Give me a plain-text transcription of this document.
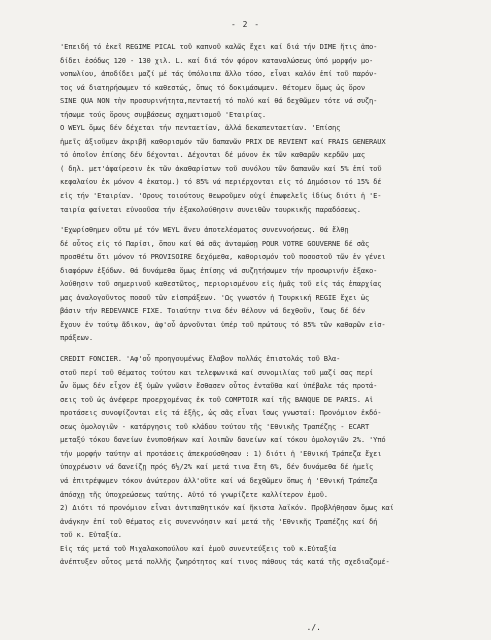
- 2 -
'Επειδή τό ἐκεῖ REGIME PICAL τοῦ καπνοῦ καλῶς ἔχει καί διά τήν DIME ἥτις ἀπο-
δίδει ἐσόδως 120 - 130 χιλ. L. καί διά τόν φόρον καταναλώσεως ὑπό μορφήν μο-
νοπωλίου, ἀποδίδει μαζί μέ τάς ὑπόλοιπα ἄλλο τόσο, εἶναι καλόν ἐπί τοῦ παρόν-
τος νά διατηρήσωμεν τό καθεστώς, ὅπως τό δοκιμάσωμεν. Θέτομεν ὅμως ὡς ὅρον
SINE QUA NON τὴν προσυρινήτητα,πενταετή τό πολύ καί θά δεχθῶμεν τότε νά συζη-
τήσωμε τούς ὅρους συμβάσεως σχηματισμοῦ 'Εταιρίας.
Ο WEYL ὅμως δέν δέχεται τήν πενταετίαν, ἀλλά δεκαπενταετίαν. 'Επίσης
ἡμεῖς ἀξιοῦμεν ἀκριβῆ καθορισμόν τῶν δαπανῶν PRIX DE REVIENT καί FRAIS GENERAUX
τό ὁποῖον ἐπίσης δέν δέχονται. Δέχονται δέ μόνον ἐκ τῶν καθαρῶν κερδῶν μας
( δηλ. μετ'ἀφαίρεσιν ἐκ τῶν ἀκαθαρίστων τοῦ συνόλου τῶν δαπανῶν καί 5% ἐπί τοῦ
κεφαλαίου ἐκ μόνον 4 ἑκατομ.) τό 85% νά περιέρχονται εἰς τό Δημόσιον τό 15% δέ
εἰς τήν 'Εταιρίαν. 'Ορους τοιούτους θεωροῦμεν οὐχί ἐπωφελεῖς ἰδίως διότι ἡ 'Ε-
ταιρία φαίνεται εὐνοοῦσα τήν ἐξακολούθησιν συνειθῶν τουρκικῆς παραδόσεως.
'Εχωρίσθημεν οὕτω μέ τόν WEYL ἄνευ ἀποτελέσματος συνεννοήσεως. Θά ἔλθῃ
δέ οὗτος εἰς τό Παρίσι, ὅπου καί θά σᾶς ἀνταμώσῃ POUR VOTRE GOUVERNE δέ σᾶς
προσθέτω ὅτι μόνον τό PROVISOIRE δεχόμεθα, καθορισμόν τοῦ ποσοστοῦ τῶν ἐν γένει
διαφόρων ἐξόδων. Θά δυνάμεθα ὅμως ἐπίσης νά συζητήσωμεν τήν προσωρινήν ἐξακο-
λούθησιν τοῦ σημερινοῦ καθεστῶτος, περιορισμένου εἰς ἡμᾶς τοῦ εἰς τάς ἐπαρχίας
μας ἀναλογοῦντος ποσοῦ τῶν εἰσπράξεων. 'Ως γνωστόν ἡ Τουρκική REGIE ἔχει ὡς
βάσιν τήν REDEVANCE FIXE. Τοιαύτην τινα δέν θέλουν νά δεχθοῦν, ἴσως δέ δέν
ἔχουν ἐν τούτῳ ἄδικον, ἀφ'οὗ ἀρνοῦνται ὑπέρ τοῦ πρώτους τό 85% τῶν καθαρῶν εἰσ-
πράξεων.
CREDIT FONCIER. 'Αφ'οὗ προηγουμένως ἔλαβον πολλάς ἐπιστολάς τοῦ Βλα-
στοῦ περί τοῦ θέματος τούτου και τελεφωνικά καί συνομιλίας τοῦ μαζί σας περί
ὧν ὅμως δέν εἶχον ἐξ ὑμῶν γνῶσιν ἔσθασεν οὗτος ἐνταῦθα καί ὑπέβαλε τάς προτά-
σεις τοῦ ὡς ἀνέφερε προερχομένας ἐκ τοῦ COMPTOIR καί τῆς BANQUE DE PARIS. Αἱ
προτάσεις συνοψίζονται εἰς τά ἑξῆς, ὡς σᾶς εἶναι ἴσως γνωσταί: Προνόμιον ἐκδό-
σεως ὁμολογιῶν - κατάργησις τοῦ κλάδου τούτου τῆς 'Εθνικῆς Τραπέζης - ECART
μεταξύ τόκου δανείων ἐνυποθήκων καί λοιπῶν δανείων καί τόκου ὁμολογιῶν 2%. 'Υπό
τήν μορφήν ταύτην αἱ προτάσεις ἀπεκρούσθησαν : 1) διότι ἡ 'Εθνική Τράπεζα ἔχει
ὑποχρέωσιν νά δανείζῃ πρός 6½/2% καί μετά τινα ἔτη 6%, δέν δυνάμεθα δέ ἡμεῖς
νά ἐπιτρέψωμεν τόκον ἀνώτερον ἀλλ'οὔτε καί νά δεχθῶμεν ὅπως ἡ 'Εθνική Τράπεζα
ἀπόσχῃ τῆς ὑποχρεώσεως ταύτης. Αὐτό τό γνωρίζετε καλλίτερον ἐμοῦ.
2) Διότι τό προνόμιον εἶναι ἀντιπαθητικόν καί ἥκιστα λαϊκόν. Προβλήθησαν ὅμως καί
ἀνάγκην ἐπί τοῦ θέματος εἰς συνεννόησιν καί μετά τῆς 'Εθνικῆς Τραπέζης καί δή
τοῦ κ. Εὐταξία.
Εἰς τάς μετά τοῦ Μιχαλακοπούλου καί ἐμοῦ συνεντεύξεις τοῦ κ.Εὐταξία
ἀνέπτυξεν οὗτος μετά πολλῆς ζωηρότητος καί τινος πάθους τάς κατά τῆς σχεδιαζομέ-
./.
